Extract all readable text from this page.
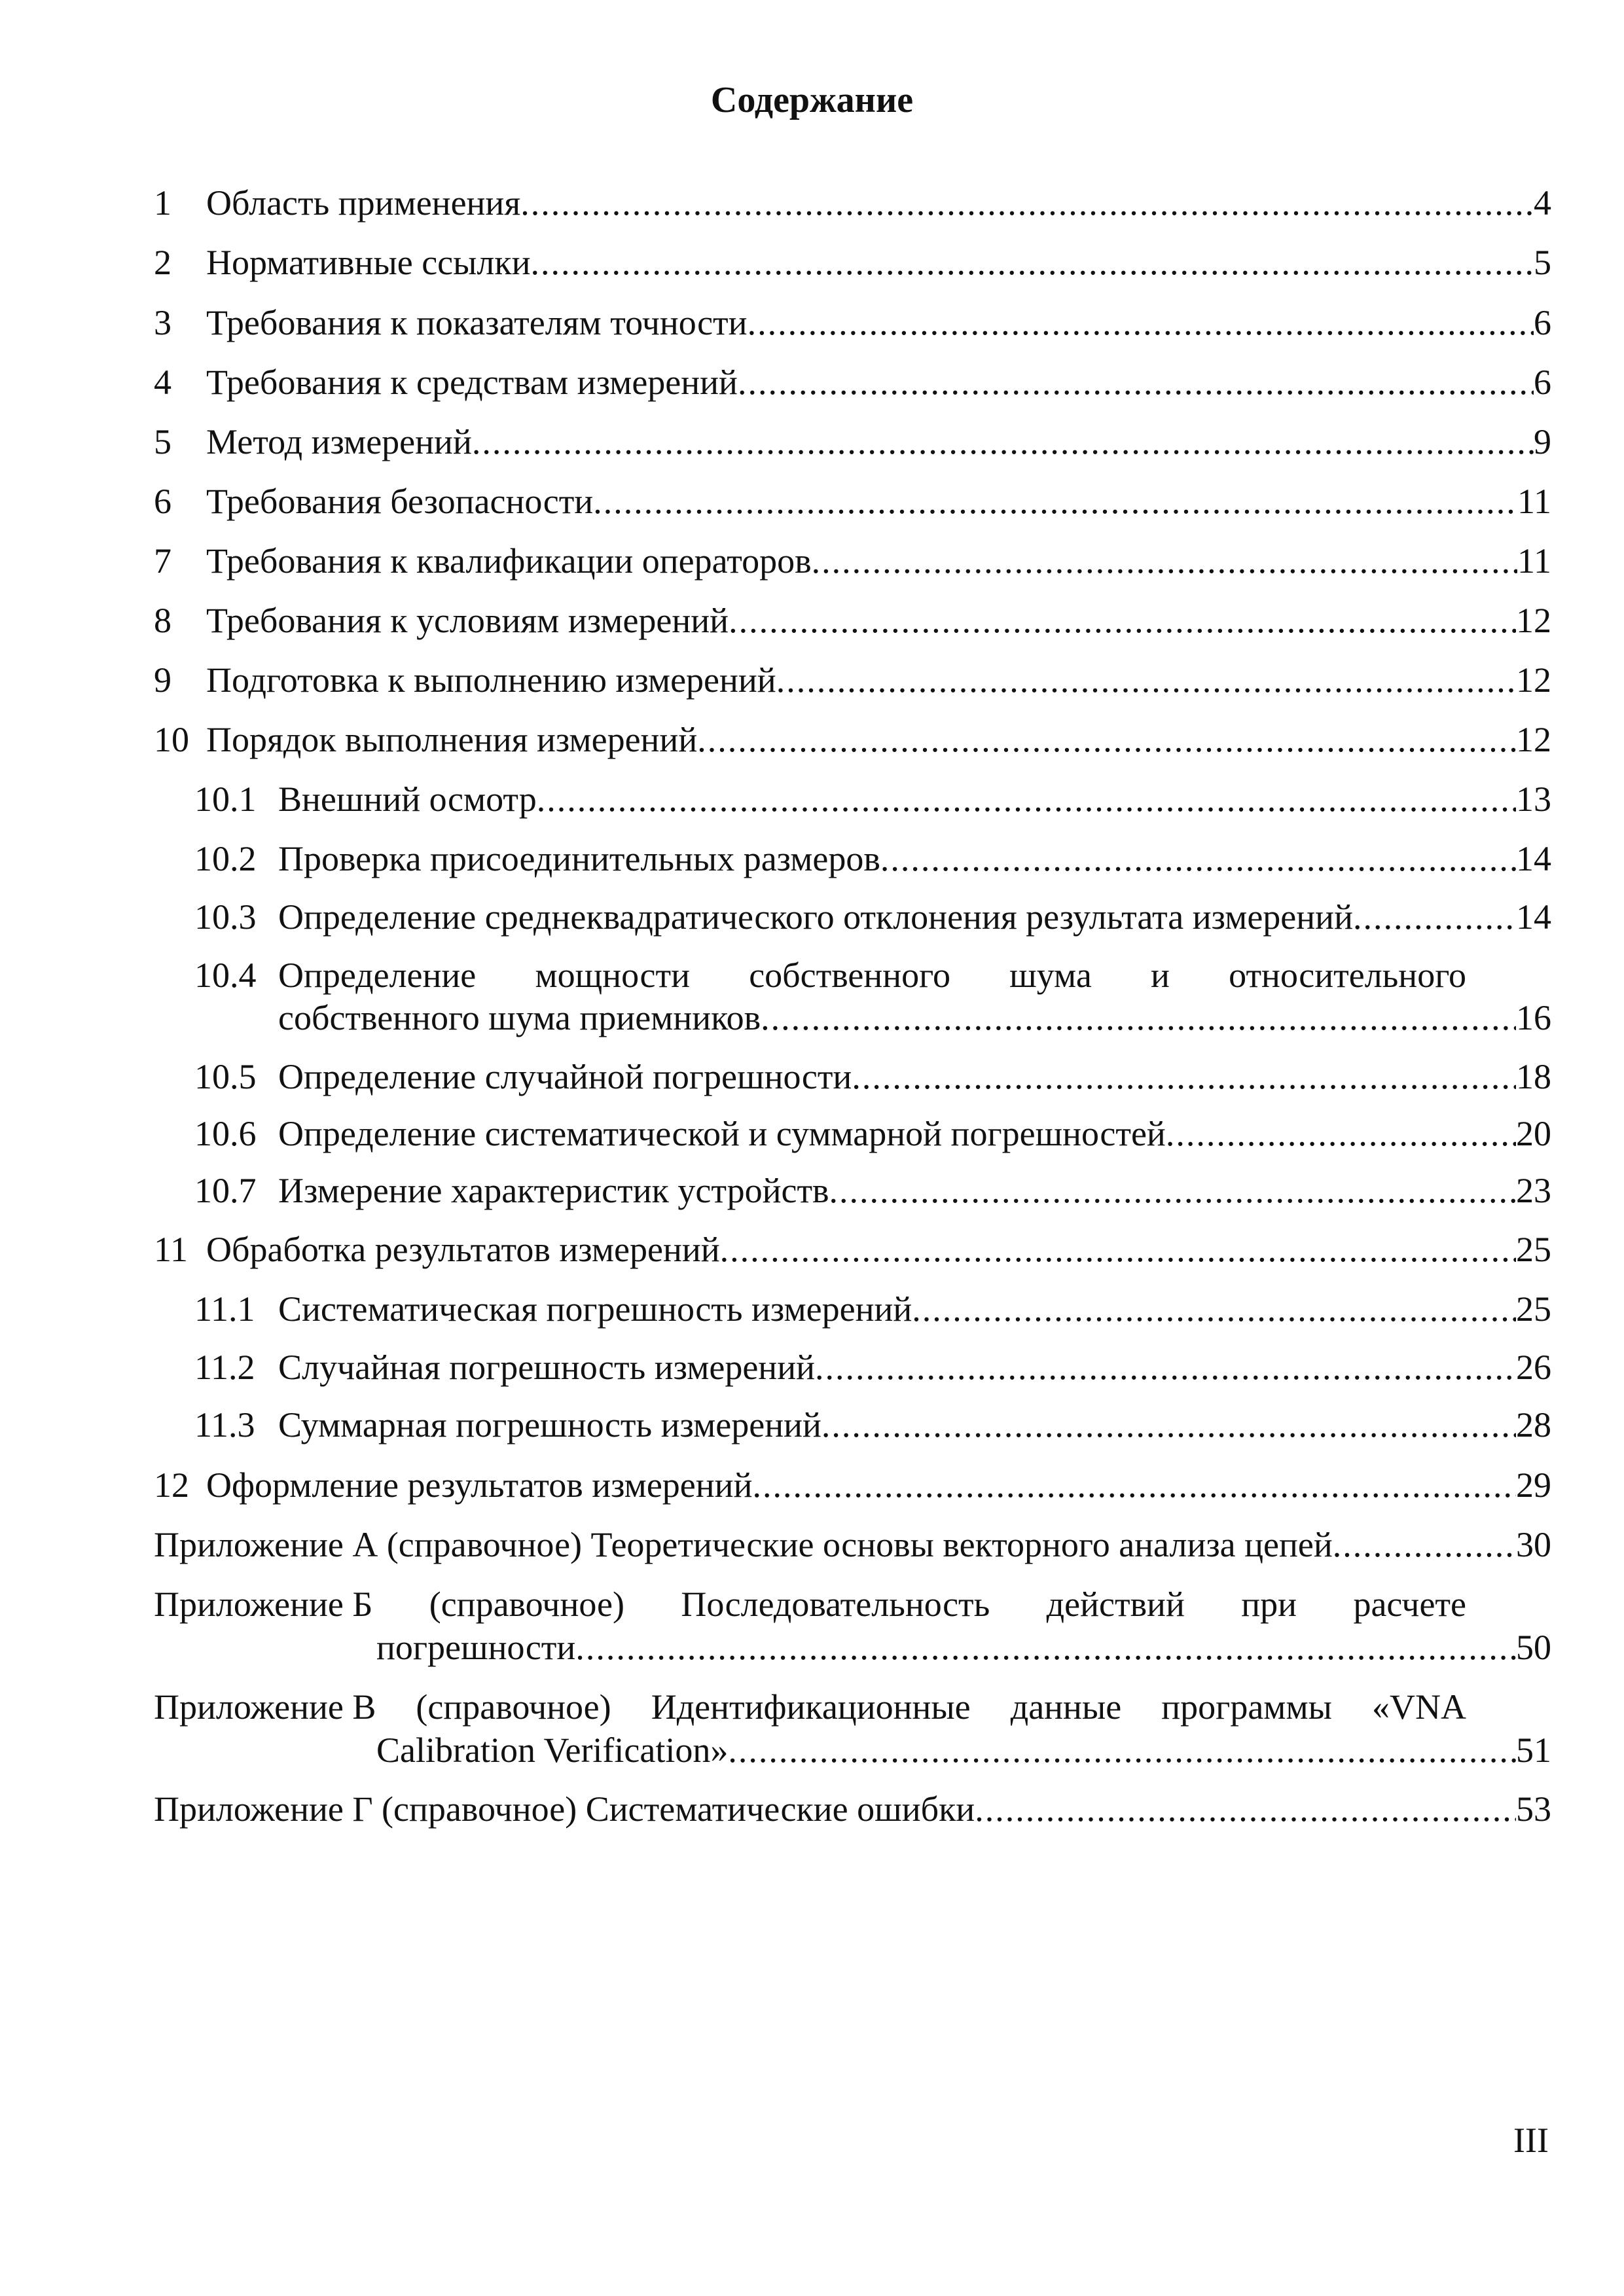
Содержание
1 Область применения .....	4
2 Нормативные ссылки .....	5
3 Требования к показателям точности .....	6
4 Требования к средствам измерений .....	6
5 Метод измерений .....	9
6 Требования безопасности .....	11
7 Требования к квалификации операторов .....	11
8 Требования к условиям измерений .....	12
9 Подготовка к выполнению измерений .....	12
10 Порядок выполнения измерений .....	12
10.1 Внешний осмотр .....	13
10.2 Проверка присоединительных размеров .....	14
10.3 Определение среднеквадратического отклонения результата измерений .....	14
10.4 Определение мощности собственного шума и относительного
собственного шума приемников .....	16
10.5 Определение случайной погрешности .....	18
10.6 Определение систематической и суммарной погрешностей .....	20
10.7 Измерение характеристик устройств .....	23
11 Обработка результатов измерений .....	25
11.1 Систематическая погрешность измерений .....	25
11.2 Случайная погрешность измерений .....	26
11.3 Суммарная погрешность измерений .....	28
12 Оформление результатов измерений .....	29
Приложение А (справочное) Теоретические основы векторного анализа цепей .....	30
Приложение Б (справочное) Последовательность действий при расчете
погрешности .....	50
Приложение В (справочное) Идентификационные данные программы «VNA
Calibration Verification» .....	51
Приложение Г (справочное) Систематические ошибки .....	53
III
